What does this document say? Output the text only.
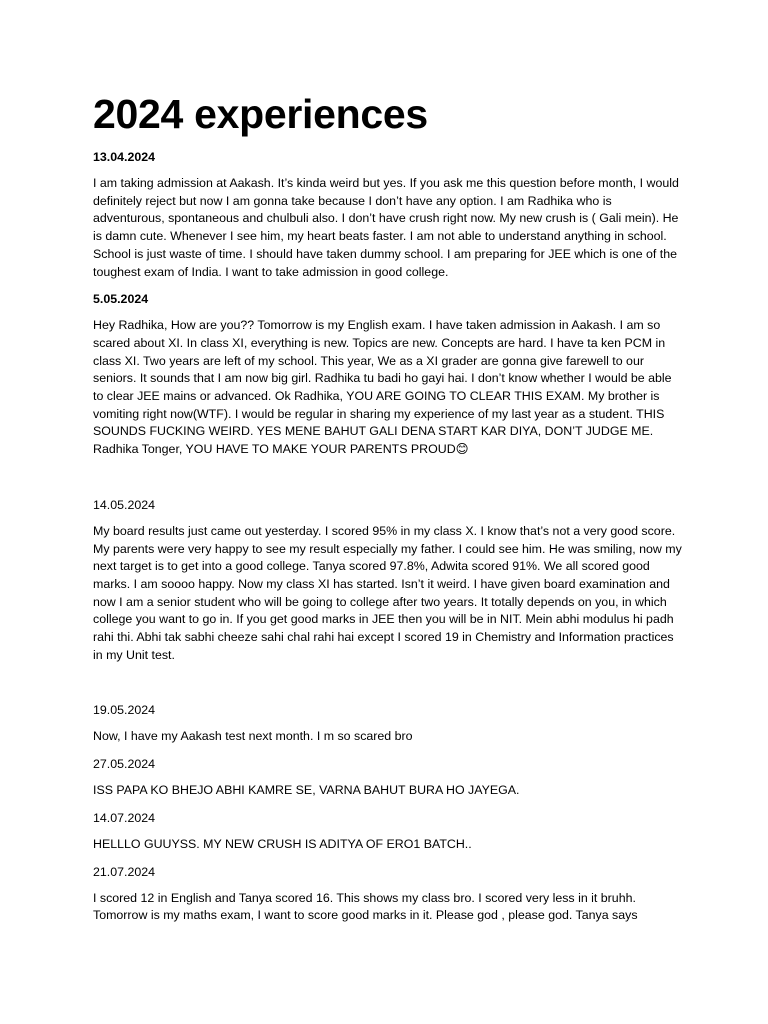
2024 experiences

13.04.2024

I am taking admission at Aakash. It’s kinda weird but yes. If you ask me this question before month, I would definitely reject but now I am gonna take because I don’t have any option. I am Radhika who is adventurous, spontaneous and chulbuli also. I don’t have crush right now. My new crush is ( Gali mein). He is damn cute. Whenever I see him, my heart beats faster. I am not able to understand anything in school. School is just waste of time. I should have taken dummy school. I am preparing for JEE which is one of the toughest exam of India. I want to take admission in good college.

5.05.2024

Hey Radhika, How are you?? Tomorrow is my English exam. I have taken admission in Aakash. I am so scared about XI. In class XI, everything is new. Topics are new. Concepts are hard. I have ta ken PCM in class XI. Two years are left of my school. This year, We as a XI grader are gonna give farewell to our seniors. It sounds that I am now big girl. Radhika tu badi ho gayi hai. I don’t know whether I would be able to clear JEE mains or advanced. Ok Radhika, YOU ARE GOING TO CLEAR THIS EXAM. My brother is vomiting right now(WTF). I would be regular in sharing my experience of my last year as a student. THIS SOUNDS FUCKING WEIRD. YES MENE BAHUT GALI DENA START KAR DIYA, DON’T JUDGE ME. Radhika Tonger, YOU HAVE TO MAKE YOUR PARENTS PROUD😊

14.05.2024

My board results just came out yesterday. I scored 95% in my class X. I know that’s not a very good score. My parents were very happy to see my result especially my father. I could see him. He was smiling, now my next target is to get into a good college. Tanya scored 97.8%, Adwita scored 91%. We all scored good marks. I am soooo happy. Now my class XI has started. Isn’t it weird. I have given board examination and now I am a senior student who will be going to college after two years. It totally depends on you, in which college you want to go in. If you get good marks in JEE then you will be in NIT. Mein abhi modulus hi padh rahi thi. Abhi tak sabhi cheeze sahi chal rahi hai except I scored 19 in Chemistry and Information practices in my Unit test.

19.05.2024

Now, I have my Aakash test next month. I m so scared bro

27.05.2024

ISS PAPA KO BHEJO ABHI KAMRE SE, VARNA BAHUT BURA HO JAYEGA.

14.07.2024

HELLLO GUUYSS. MY NEW CRUSH IS ADITYA OF ERO1 BATCH..

21.07.2024

I scored 12 in English and Tanya scored 16. This shows my class bro. I scored very less in it bruhh. Tomorrow is my maths exam, I want to score good marks in it. Please god , please god. Tanya says
